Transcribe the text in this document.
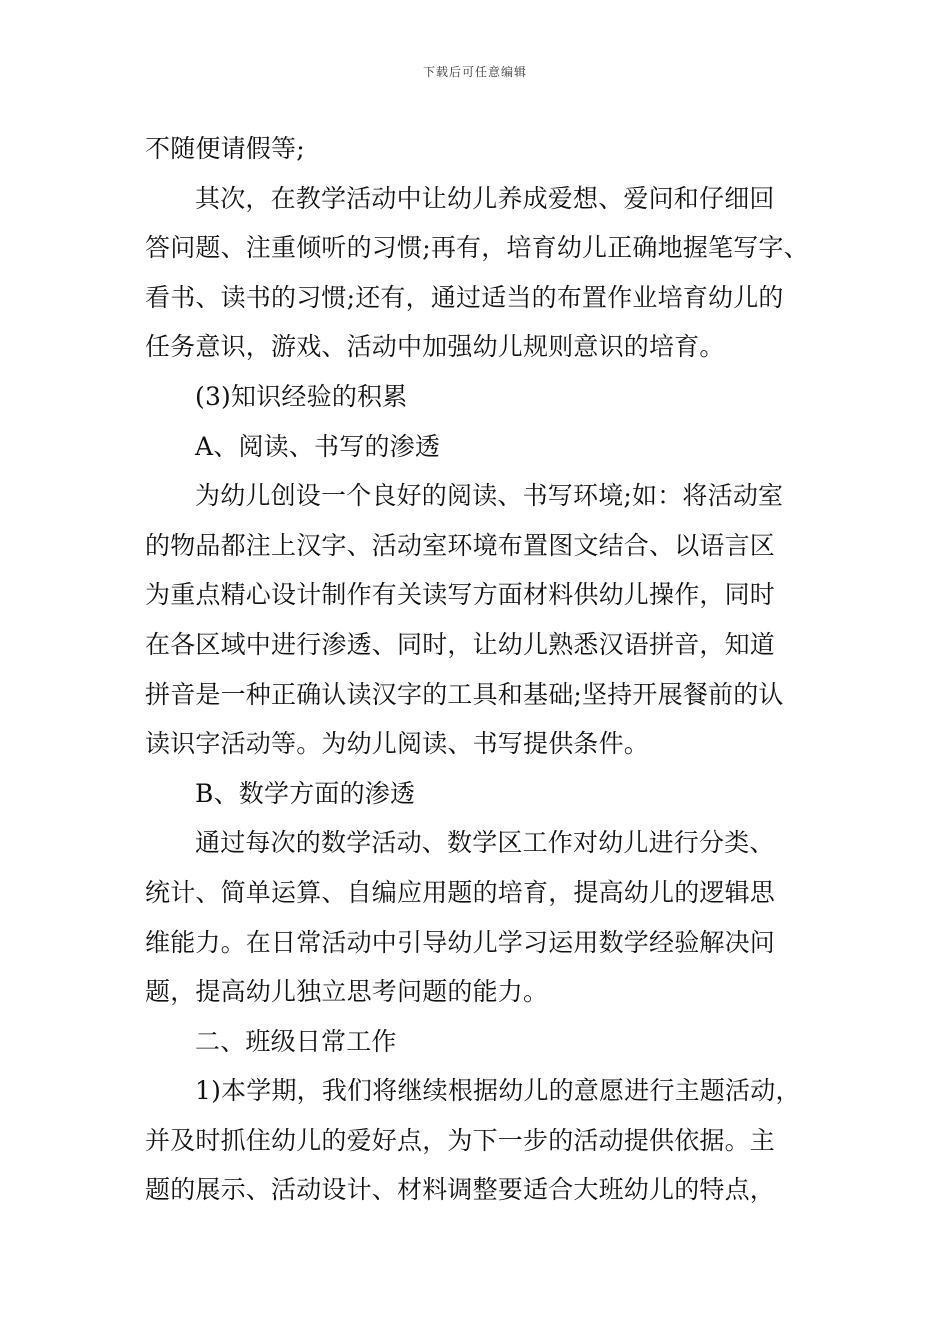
下载后可任意编辑
不随便请假等;
其次，在教学活动中让幼儿养成爱想、爱问和仔细回
答问题、注重倾听的习惯;再有，培育幼儿正确地握笔写字、
看书、读书的习惯;还有，通过适当的布置作业培育幼儿的
任务意识，游戏、活动中加强幼儿规则意识的培育。
(3)知识经验的积累
A、阅读、书写的渗透
为幼儿创设一个良好的阅读、书写环境;如：将活动室
的物品都注上汉字、活动室环境布置图文结合、以语言区
为重点精心设计制作有关读写方面材料供幼儿操作，同时
在各区域中进行渗透、同时，让幼儿熟悉汉语拼音，知道
拼音是一种正确认读汉字的工具和基础;坚持开展餐前的认
读识字活动等。为幼儿阅读、书写提供条件。
B、数学方面的渗透
通过每次的数学活动、数学区工作对幼儿进行分类、
统计、简单运算、自编应用题的培育，提高幼儿的逻辑思
维能力。在日常活动中引导幼儿学习运用数学经验解决问
题，提高幼儿独立思考问题的能力。
二、班级日常工作
1)本学期，我们将继续根据幼儿的意愿进行主题活动，
并及时抓住幼儿的爱好点，为下一步的活动提供依据。主
题的展示、活动设计、材料调整要适合大班幼儿的特点，
